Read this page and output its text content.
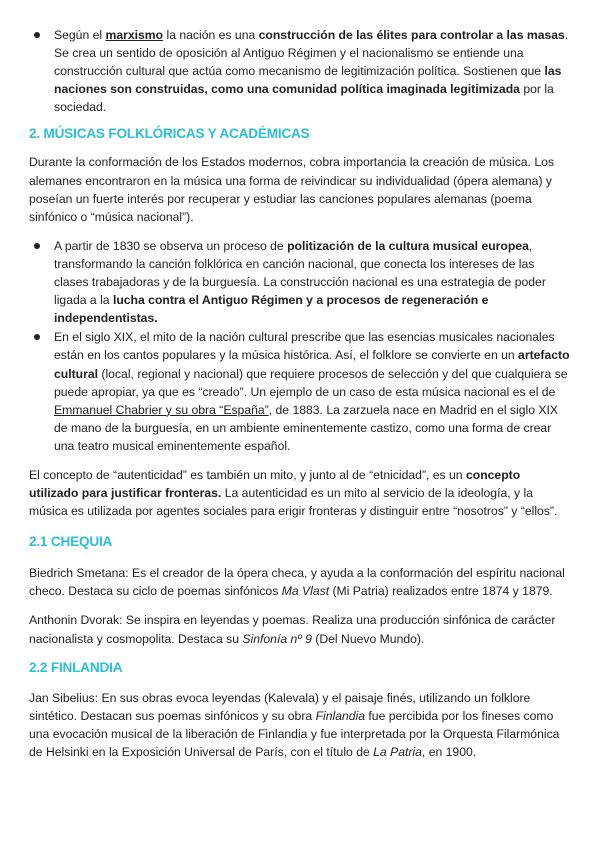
Según el marxismo la nación es una construcción de las élites para controlar a las masas. Se crea un sentido de oposición al Antiguo Régimen y el nacionalismo se entiende una construcción cultural que actúa como mecanismo de legitimización política. Sostienen que las naciones son construidas, como una comunidad política imaginada legitimizada por la sociedad.
2. MÚSICAS FOLKLÓRICAS Y ACADÉMICAS

Durante la conformación de los Estados modernos, cobra importancia la creación de música. Los alemanes encontraron en la música una forma de reivindicar su individualidad (ópera alemana) y poseían un fuerte interés por recuperar y estudiar las canciones populares alemanas (poema sinfónico o “música nacional”).

A partir de 1830 se observa un proceso de politización de la cultura musical europea, transformando la canción folklórica en canción nacional, que conecta los intereses de las clases trabajadoras y de la burguesía. La construcción nacional es una estrategia de poder ligada a la lucha contra el Antiguo Régimen y a procesos de regeneración e independentistas.
En el siglo XIX, el mito de la nación cultural prescribe que las esencias musicales nacionales están en los cantos populares y la música histórica. Así, el folklore se convierte en un artefacto cultural (local, regional y nacional) que requiere procesos de selección y del que cualquiera se puede apropiar, ya que es “creado”. Un ejemplo de un caso de esta música nacional es el de Emmanuel Chabrier y su obra “España”, de 1883. La zarzuela nace en Madrid en el siglo XIX de mano de la burguesía, en un ambiente eminentemente castizo, como una forma de crear una teatro musical eminentemente español.

El concepto de “autenticidad” es también un mito, y junto al de “etnicidad”, es un concepto utilizado para justificar fronteras. La autenticidad es un mito al servicio de la ideología, y la música es utilizada por agentes sociales para erigir fronteras y distinguir entre “nosotros” y “ellos”.

2.1 CHEQUIA

Biedrich Smetana: Es el creador de la ópera checa, y ayuda a la conformación del espíritu nacional checo. Destaca su ciclo de poemas sinfónicos Ma Vlast (Mi Patria) realizados entre 1874 y 1879.

Anthonin Dvorak: Se inspira en leyendas y poemas. Realiza una producción sinfónica de carácter nacionalista y cosmopolita. Destaca su Sinfonía nº 9 (Del Nuevo Mundo).

2.2 FINLANDIA

Jan Sibelius: En sus obras evoca leyendas (Kalevala) y el paisaje finés, utilizando un folklore sintético. Destacan sus poemas sinfónicos y su obra Finlandia fue percibida por los fineses como una evocación musical de la liberación de Finlandia y fue interpretada por la Orquesta Filarmónica de Helsinki en la Exposición Universal de París, con el título de La Patria, en 1900.
